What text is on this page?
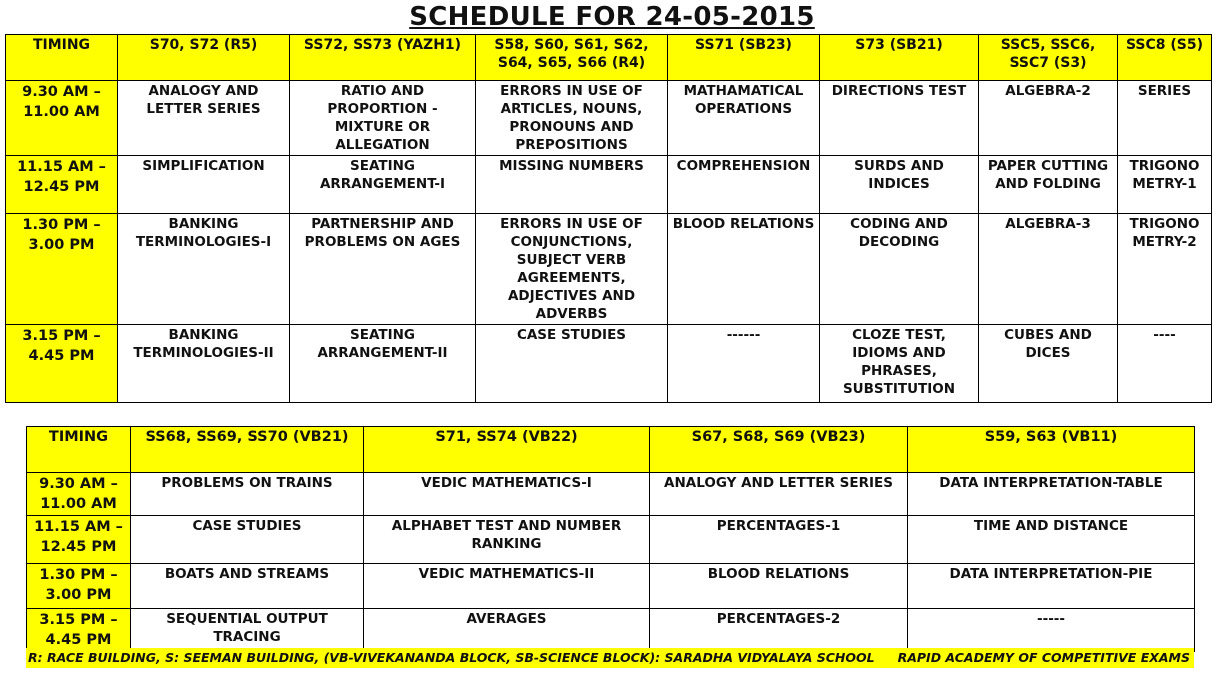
SCHEDULE FOR 24-05-2015
TIMING	S70, S72 (R5)	SS72, SS73 (YAZH1)	S58, S60, S61, S62, S64, S65, S66 (R4)	SS71 (SB23)	S73 (SB21)	SSC5, SSC6, SSC7 (S3)	SSC8 (S5)
9.30 AM – 11.00 AM	ANALOGY AND LETTER SERIES	RATIO AND PROPORTION - MIXTURE OR ALLEGATION	ERRORS IN USE OF ARTICLES, NOUNS, PRONOUNS AND PREPOSITIONS	MATHAMATICAL OPERATIONS	DIRECTIONS TEST	ALGEBRA-2	SERIES
11.15 AM – 12.45 PM	SIMPLIFICATION	SEATING ARRANGEMENT-I	MISSING NUMBERS	COMPREHENSION	SURDS AND INDICES	PAPER CUTTING AND FOLDING	TRIGONO METRY-1
1.30 PM – 3.00 PM	BANKING TERMINOLOGIES-I	PARTNERSHIP AND PROBLEMS ON AGES	ERRORS IN USE OF CONJUNCTIONS, SUBJECT VERB AGREEMENTS, ADJECTIVES AND ADVERBS	BLOOD RELATIONS	CODING AND DECODING	ALGEBRA-3	TRIGONO METRY-2
3.15 PM – 4.45 PM	BANKING TERMINOLOGIES-II	SEATING ARRANGEMENT-II	CASE STUDIES	------	CLOZE TEST, IDIOMS AND PHRASES, SUBSTITUTION	CUBES AND DICES	----
TIMING	SS68, SS69, SS70 (VB21)	S71, SS74 (VB22)	S67, S68, S69 (VB23)	S59, S63 (VB11)
9.30 AM – 11.00 AM	PROBLEMS ON TRAINS	VEDIC MATHEMATICS-I	ANALOGY AND LETTER SERIES	DATA INTERPRETATION-TABLE
11.15 AM – 12.45 PM	CASE STUDIES	ALPHABET TEST AND NUMBER RANKING	PERCENTAGES-1	TIME AND DISTANCE
1.30 PM – 3.00 PM	BOATS AND STREAMS	VEDIC MATHEMATICS-II	BLOOD RELATIONS	DATA INTERPRETATION-PIE
3.15 PM – 4.45 PM	SEQUENTIAL OUTPUT TRACING	AVERAGES	PERCENTAGES-2	-----
R: RACE BUILDING, S: SEEMAN BUILDING, (VB-VIVEKANANDA BLOCK, SB-SCIENCE BLOCK): SARADHA VIDYALAYA SCHOOL RAPID ACADEMY OF COMPETITIVE EXAMS
